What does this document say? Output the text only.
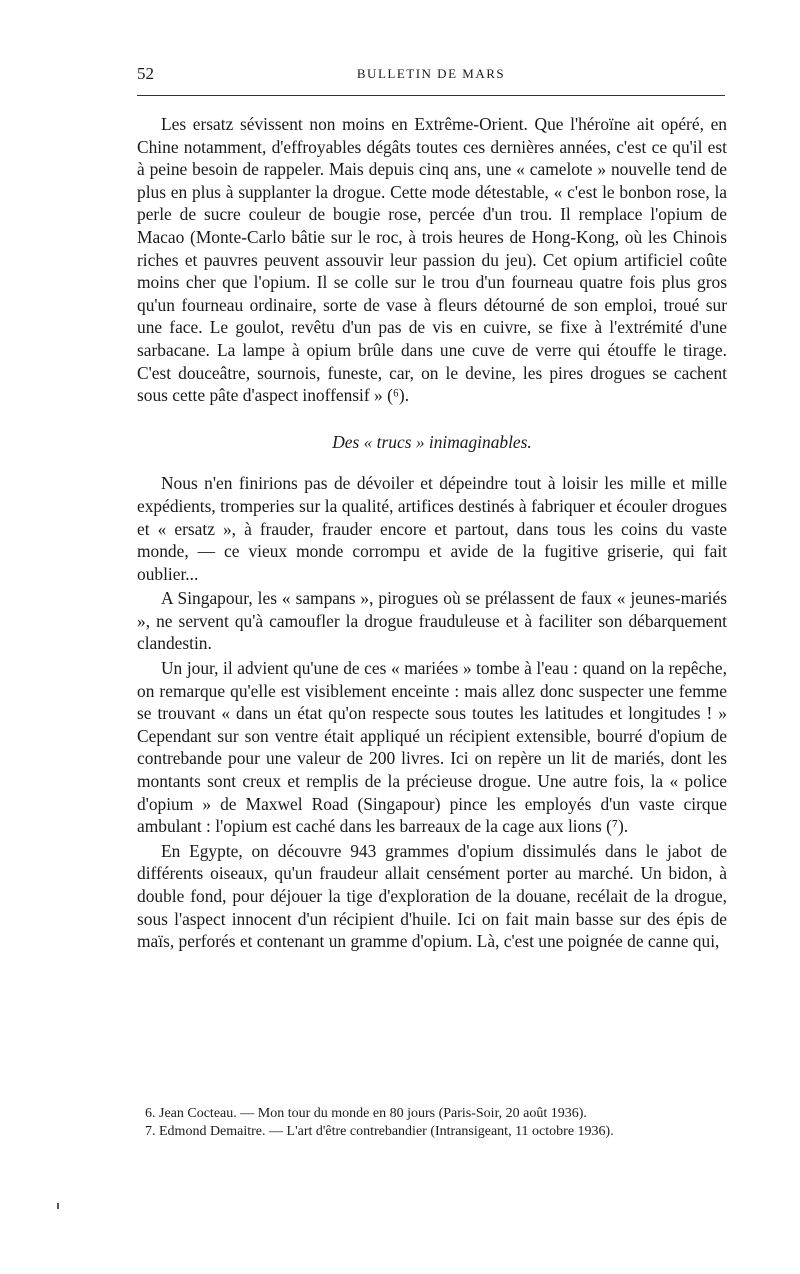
52	BULLETIN DE MARS

Les ersatz sévissent non moins en Extrême-Orient. Que l'héroïne ait opéré, en Chine notamment, d'effroyables dégâts toutes ces dernières années, c'est ce qu'il est à peine besoin de rappeler. Mais depuis cinq ans, une « camelote » nouvelle tend de plus en plus à supplanter la drogue. Cette mode détestable, « c'est le bonbon rose, la perle de sucre couleur de bougie rose, percée d'un trou. Il remplace l'opium de Macao (Monte-Carlo bâtie sur le roc, à trois heures de Hong-Kong, où les Chinois riches et pauvres peuvent assouvir leur passion du jeu). Cet opium artificiel coûte moins cher que l'opium. Il se colle sur le trou d'un fourneau quatre fois plus gros qu'un fourneau ordinaire, sorte de vase à fleurs détourné de son emploi, troué sur une face. Le goulot, revêtu d'un pas de vis en cuivre, se fixe à l'extrémité d'une sarbacane. La lampe à opium brûle dans une cuve de verre qui étouffe le tirage. C'est douceâtre, sournois, funeste, car, on le devine, les pires drogues se cachent sous cette pâte d'aspect inoffensif » (⁶).

Des « trucs » inimaginables.

Nous n'en finirions pas de dévoiler et dépeindre tout à loisir les mille et mille expédients, tromperies sur la qualité, artifices destinés à fabriquer et écouler drogues et « ersatz », à frauder, frauder encore et partout, dans tous les coins du vaste monde, — ce vieux monde corrompu et avide de la fugitive griserie, qui fait oublier...

A Singapour, les « sampans », pirogues où se prélassent de faux « jeunes-mariés », ne servent qu'à camoufler la drogue frauduleuse et à faciliter son débarquement clandestin.

Un jour, il advient qu'une de ces « mariées » tombe à l'eau : quand on la repêche, on remarque qu'elle est visiblement enceinte : mais allez donc suspecter une femme se trouvant « dans un état qu'on respecte sous toutes les latitudes et longitudes ! » Cependant sur son ventre était appliqué un récipient extensible, bourré d'opium de contrebande pour une valeur de 200 livres. Ici on repère un lit de mariés, dont les montants sont creux et remplis de la précieuse drogue. Une autre fois, la « police d'opium » de Maxwel Road (Singapour) pince les employés d'un vaste cirque ambulant : l'opium est caché dans les barreaux de la cage aux lions (⁷).

En Egypte, on découvre 943 grammes d'opium dissimulés dans le jabot de différents oiseaux, qu'un fraudeur allait censément porter au marché. Un bidon, à double fond, pour déjouer la tige d'exploration de la douane, recélait de la drogue, sous l'aspect innocent d'un récipient d'huile. Ici on fait main basse sur des épis de maïs, perforés et contenant un gramme d'opium. Là, c'est une poignée de canne qui,

6. Jean Cocteau. — Mon tour du monde en 80 jours (Paris-Soir, 20 août 1936).

7. Edmond Demaitre. — L'art d'être contrebandier (Intransigeant, 11 octobre 1936).
